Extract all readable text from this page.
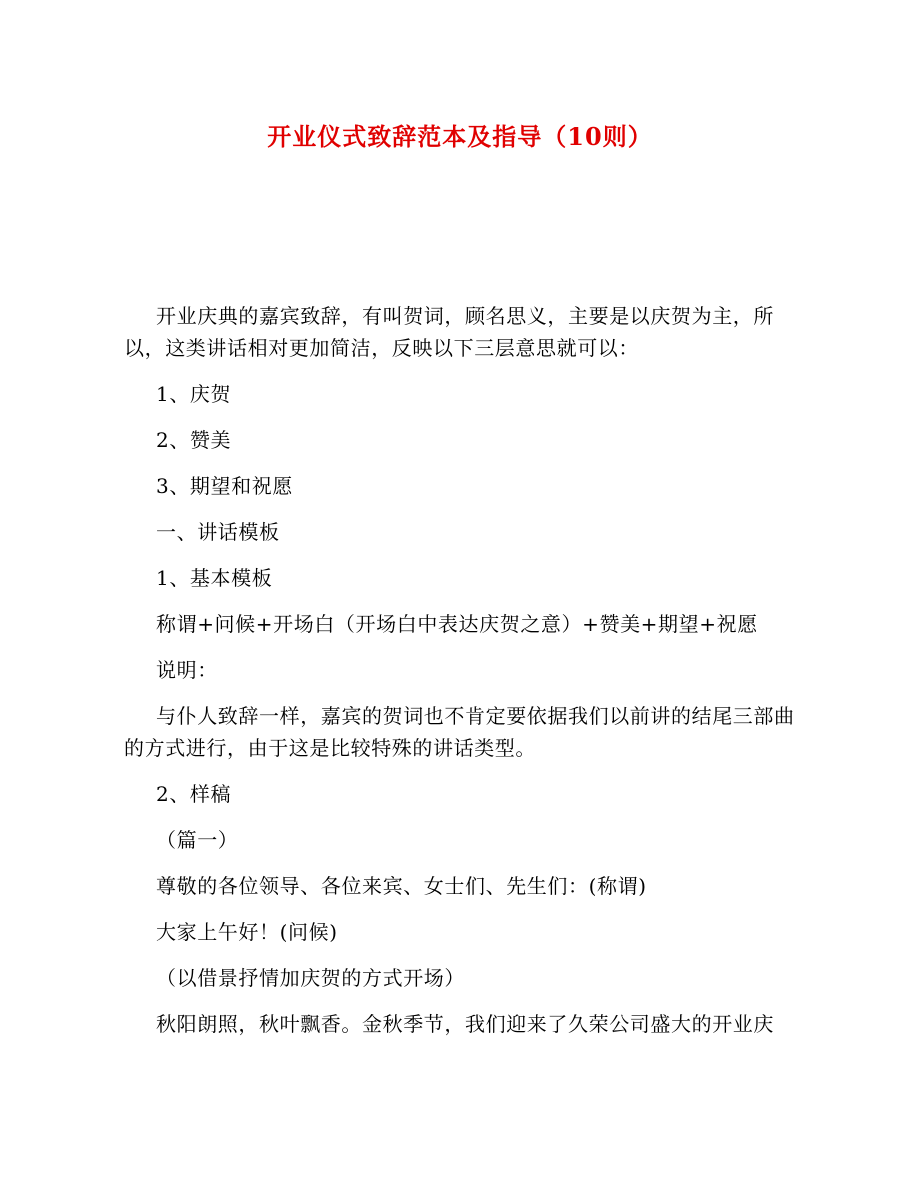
开业仪式致辞范本及指导（10则）

开业庆典的嘉宾致辞，有叫贺词，顾名思义，主要是以庆贺为主，所以，这类讲话相对更加简洁，反映以下三层意思就可以：

1、庆贺

2、赞美

3、期望和祝愿

一、讲话模板

1、基本模板

称谓+问候+开场白（开场白中表达庆贺之意）+赞美+期望+祝愿

说明：

与仆人致辞一样，嘉宾的贺词也不肯定要依据我们以前讲的结尾三部曲的方式进行，由于这是比较特殊的讲话类型。

2、样稿

（篇一）

尊敬的各位领导、各位来宾、女士们、先生们：(称谓)

大家上午好！(问候)

（以借景抒情加庆贺的方式开场）

秋阳朗照，秋叶飘香。金秋季节，我们迎来了久荣公司盛大的开业庆
